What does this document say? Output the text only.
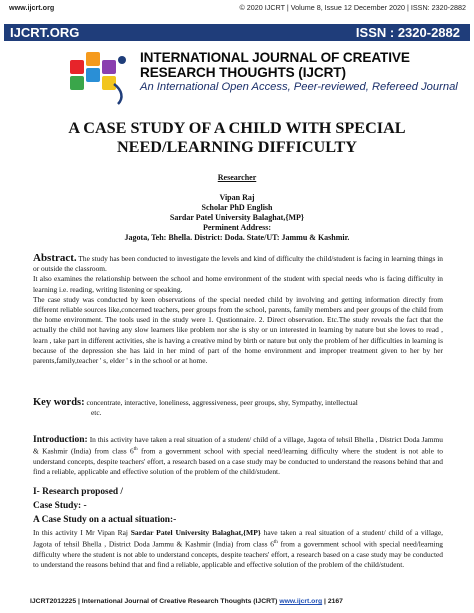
www.ijcrt.org	© 2020 IJCRT | Volume 8, Issue 12 December 2020 | ISSN: 2320-2882
IJCRT.ORG	ISSN : 2320-2882
INTERNATIONAL JOURNAL OF CREATIVE
RESEARCH THOUGHTS (IJCRT)
An International Open Access, Peer-reviewed, Refereed Journal
A CASE STUDY OF A CHILD WITH SPECIAL
NEED/LEARNING DIFFICULTY
Researcher
Vipan Raj
Scholar PhD English
Sardar Patel University Balaghat,{MP}
Perminent Address:
Jagota, Teh: Bhella. District: Doda. State/UT: Jammu & Kashmir.

Abstract. The study has been conducted to investigate the levels and kind of difficulty the child/student is facing in learning things in or outside the classroom.

It also examines the relationship between the school and home environment of the student with special needs who is facing difficulty in learning i.e. reading, writing listening or speaking.

The case study was conducted by keen observations of the special needed child by involving and getting information directly from different reliable sources like,concerned teachers, peer groups from the school, parents, family members and peer groups of the child from the home environment. The tools used in the study were 1. Qustionnaire. 2. Direct observation. Etc.The study reveals the fact that the actually the child not having any slow learners like problem nor she is shy or un interested in learning by nature but she loves to read , learn , take part in different activities, she is having a creative mind by birth or nature but only the problem of her difficulties in learning is because of the depression she has laid in her mind of part of the home environment and improper treatment given to her by her parents,family,teacher ' s, elder ' s in the school or at home.

Key words: concentrate, interactive, loneliness, aggressiveness, peer groups, shy, Sympathy, intellectual
etc.
Introduction: In this activity have taken a real situation of a student/ child of a village, Jagota of tehsil Bhella , District Doda Jammu & Kashmir (India) from class 6th from a government school with special need/learning difficulty where the student is not able to understand concepts, despite teachers' effort, a research based on a case study may be conducted to understand the reasons behind that and find a reliable, applicable and effective solution of the problem of the child/student.
I- Research proposed /
Case Study: -
A Case Study on a actual situation:-
In this activity I Mr Vipan Raj Sardar Patel University Balaghat,{MP} have taken a real situation of a student/ child of a village, Jagota of tehsil Bhella , District Doda Jammu & Kashmir (India) from class 6th from a government school with special need/learning difficulty where the student is not able to understand concepts, despite teachers' effort, a research based on a case study may be conducted to understand the reasons behind that and find a reliable, applicable and effective solution of the problem of the child/student.
IJCRT2012225 | International Journal of Creative Research Thoughts (IJCRT) www.ijcrt.org | 2167
